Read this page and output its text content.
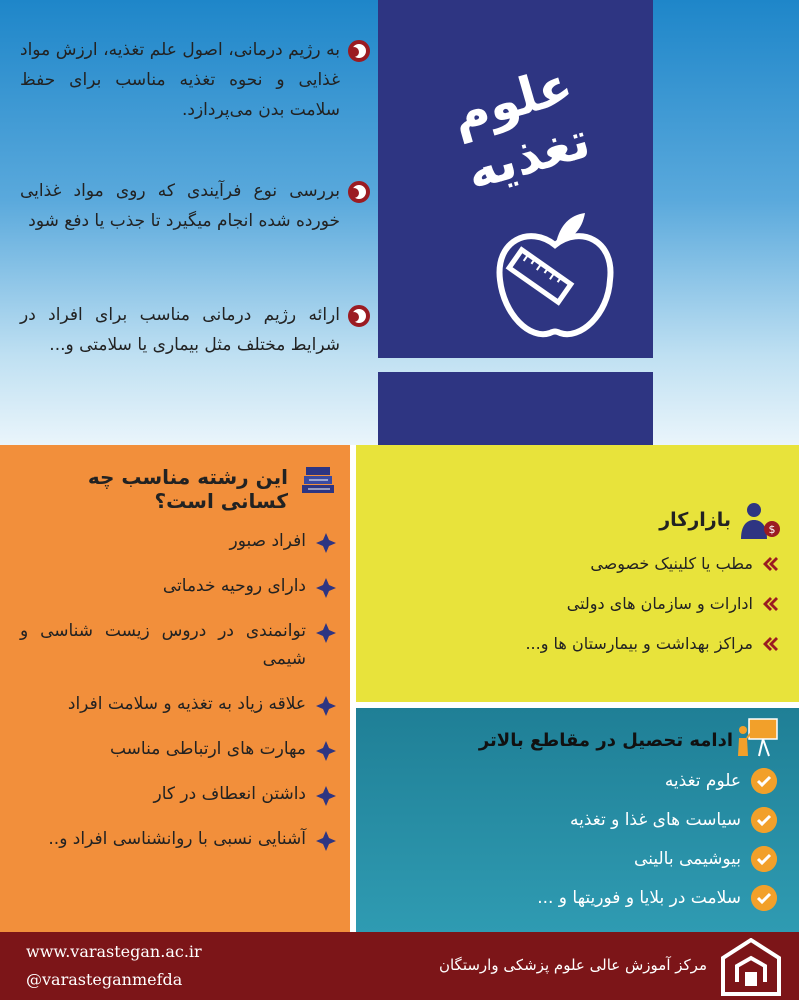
علوم تغذیه
به رژیم درمانی، اصول علم تغذیه، ارزش مواد غذایی و نحوه تغذیه مناسب برای حفظ سلامت بدن می‌پردازد.
بررسی نوع فرآیندی که روی مواد غذایی خورده شده انجام میگیرد تا جذب یا دفع شود
ارائه رژیم درمانی مناسب برای افراد در شرایط مختلف مثل بیماری یا سلامتی و...
این رشته مناسب چه کسانی است؟
افراد صبور
دارای روحیه خدماتی
توانمندی در دروس زیست شناسی و شیمی
علاقه زیاد به تغذیه و سلامت افراد
مهارت های ارتباطی مناسب
داشتن انعطاف در کار
آشنایی نسبی با روانشناسی افراد و..
$
بازارکار
مطب یا کلینیک خصوصی
ادارات و سازمان های دولتی
مراکز بهداشت و بیمارستان ها و...
ادامه تحصیل در مقاطع بالاتر
علوم تغذیه
سیاست های غذا و تغذیه
بیوشیمی بالینی
سلامت در بلایا و فوریتها و ...
www.varastegan.ac.ir
@varasteganmefda
مرکز آموزش عالی علوم پزشکی وارستگان
